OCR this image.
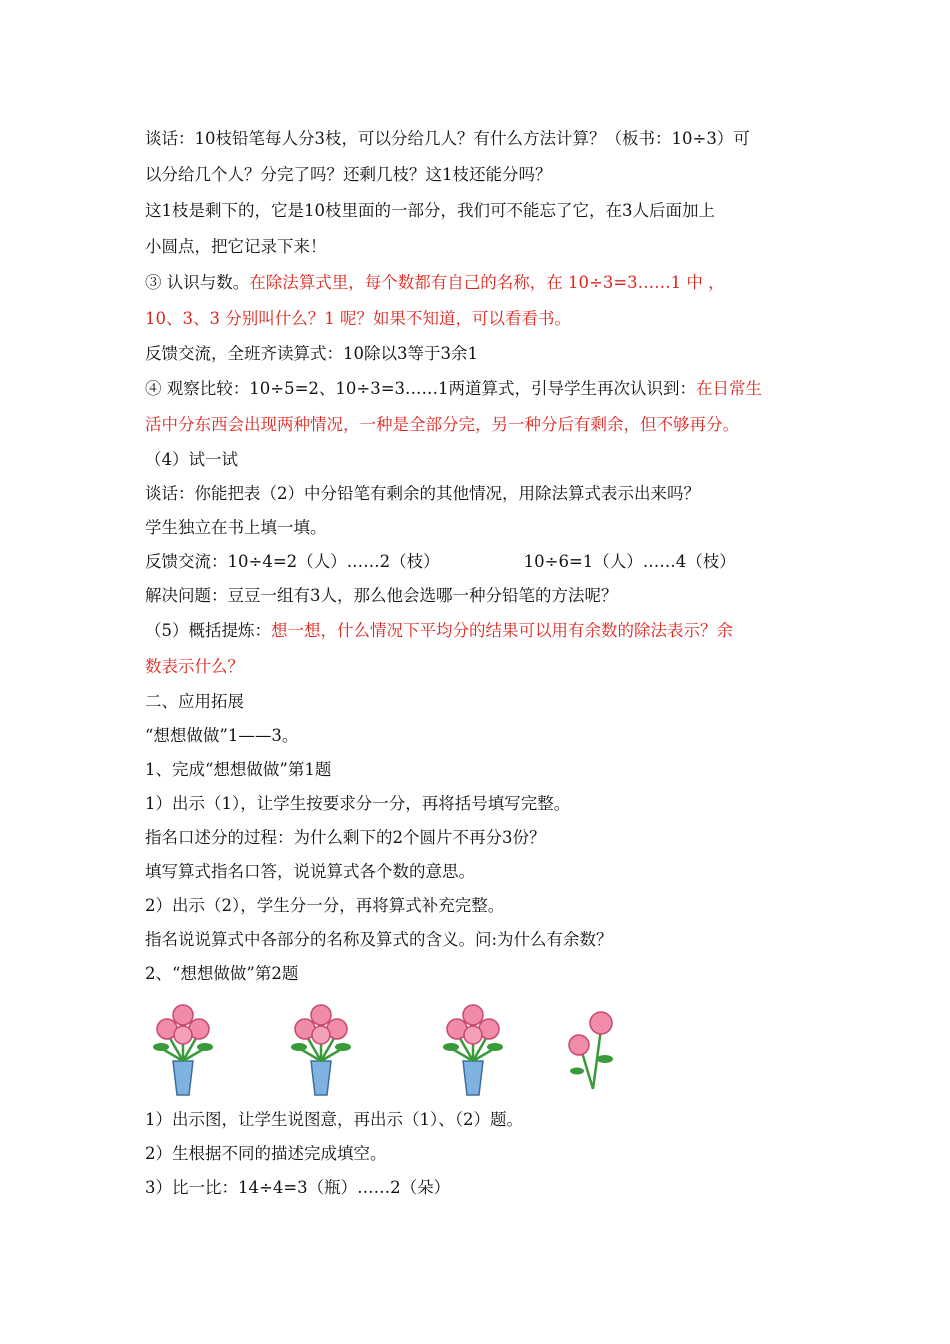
谈话：10枝铅笔每人分3枝，可以分给几人？有什么方法计算？（板书：10÷3）可
以分给几个人？分完了吗？还剩几枝？这1枝还能分吗？
这1枝是剩下的，它是10枝里面的一部分，我们可不能忘了它，在3人后面加上
小圆点，把它记录下来！
③ 认识与数。在除法算式里，每个数都有自己的名称，在 10÷3=3……1 中 ，
10、3、3 分别叫什么？1 呢？如果不知道，可以看看书。
反馈交流，全班齐读算式：10除以3等于3余1
④ 观察比较：10÷5=2、10÷3=3……1两道算式，引导学生再次认识到：在日常生
活中分东西会出现两种情况，一种是全部分完，另一种分后有剩余，但不够再分。
（4）试一试
谈话：你能把表（2）中分铅笔有剩余的其他情况，用除法算式表示出来吗？
学生独立在书上填一填。
反馈交流：10÷4=2（人）……2（枝）	10÷6=1（人）……4（枝）
解决问题：豆豆一组有3人，那么他会选哪一种分铅笔的方法呢？
（5）概括提炼：想一想，什么情况下平均分的结果可以用有余数的除法表示？余
数表示什么？
二、应用拓展
“想想做做”1——3。
1、完成“想想做做”第1题
1）出示（1），让学生按要求分一分，再将括号填写完整。
指名口述分的过程：为什么剩下的2个圆片不再分3份？
填写算式指名口答，说说算式各个数的意思。
2）出示（2），学生分一分，再将算式补充完整。
指名说说算式中各部分的名称及算式的含义。问:为什么有余数？
2、“想想做做”第2题
1）出示图，让学生说图意，再出示（1）、（2）题。
2）生根据不同的描述完成填空。
3）比一比：14÷4=3（瓶）……2（朵）
